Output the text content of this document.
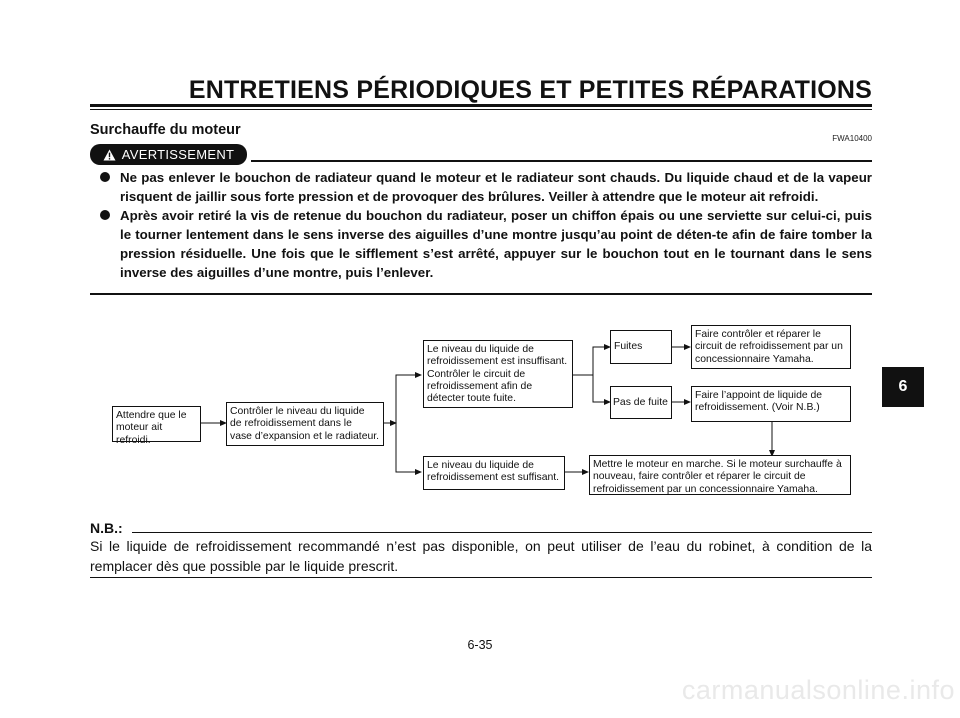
ENTRETIENS PÉRIODIQUES ET PETITES RÉPARATIONS
Surchauffe du moteur
FWA10400
AVERTISSEMENT
Ne pas enlever le bouchon de radiateur quand le moteur et le radiateur sont chauds. Du liquide chaud et de la vapeur risquent de jaillir sous forte pression et de provoquer des brûlures. Veiller à attendre que le moteur ait refroidi.
Après avoir retiré la vis de retenue du bouchon du radiateur, poser un chiffon épais ou une serviette sur celui-ci, puis le tourner lentement dans le sens inverse des aiguilles d’une montre jusqu’au point de déten-te afin de faire tomber la pression résiduelle. Une fois que le sifflement s’est arrêté, appuyer sur le bouchon tout en le tournant dans le sens inverse des aiguilles d’une montre, puis l’enlever.
Attendre que le
moteur ait refroidi.
Contrôler le niveau du liquide
de refroidissement dans le
vase d’expansion et le radiateur.
Le niveau du liquide de
refroidissement est insuffisant.
Contrôler le circuit de
refroidissement afin de
détecter toute fuite.
Le niveau du liquide de
refroidissement est suffisant.
Fuites
Pas de fuite
Faire contrôler et réparer le
circuit de refroidissement par un
concessionnaire Yamaha.
Faire l’appoint de liquide de
refroidissement. (Voir N.B.)
Mettre le moteur en marche. Si le moteur surchauffe à
nouveau, faire contrôler et réparer le circuit de
refroidissement par un concessionnaire Yamaha.
N.B.:
Si le liquide de refroidissement recommandé n’est pas disponible, on peut utiliser de l’eau du robinet, à condition de la remplacer dès que possible par le liquide prescrit.
6-35
6
carmanualsonline.info
